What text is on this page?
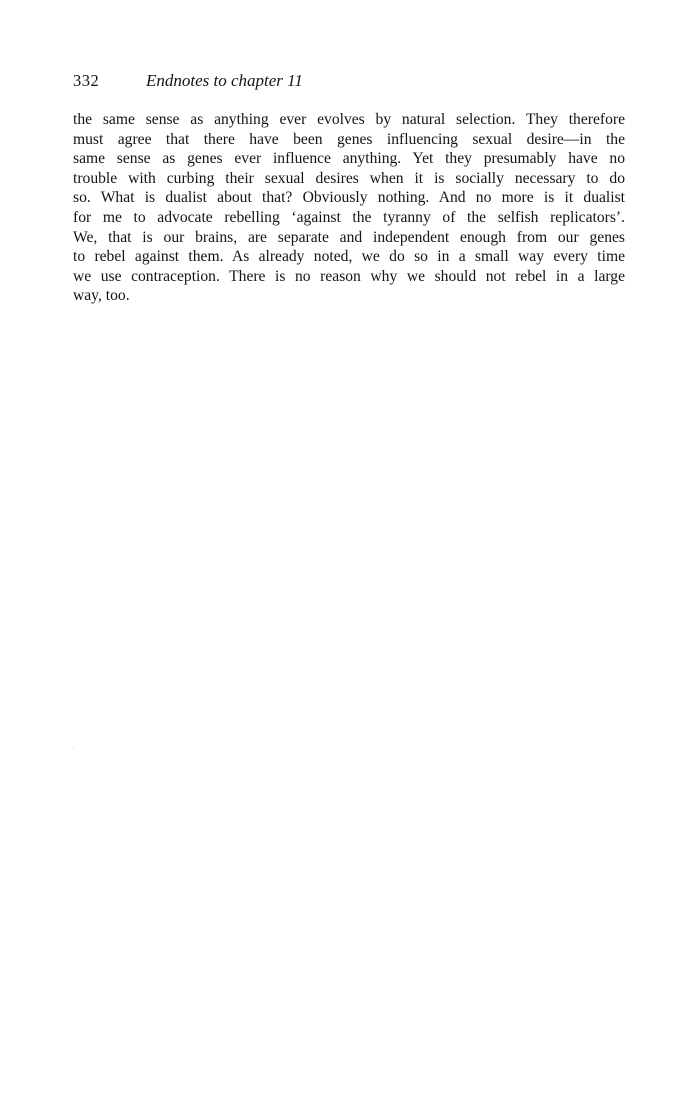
332	Endnotes to chapter 11

the same sense as anything ever evolves by natural selection. They therefore
must agree that there have been genes influencing sexual desire—in the
same sense as genes ever influence anything. Yet they presumably have no
trouble with curbing their sexual desires when it is socially necessary to do
so. What is dualist about that? Obviously nothing. And no more is it dualist
for me to advocate rebelling ‘against the tyranny of the selfish replicators’.
We, that is our brains, are separate and independent enough from our genes
to rebel against them. As already noted, we do so in a small way every time
we use contraception. There is no reason why we should not rebel in a large
way, too.
